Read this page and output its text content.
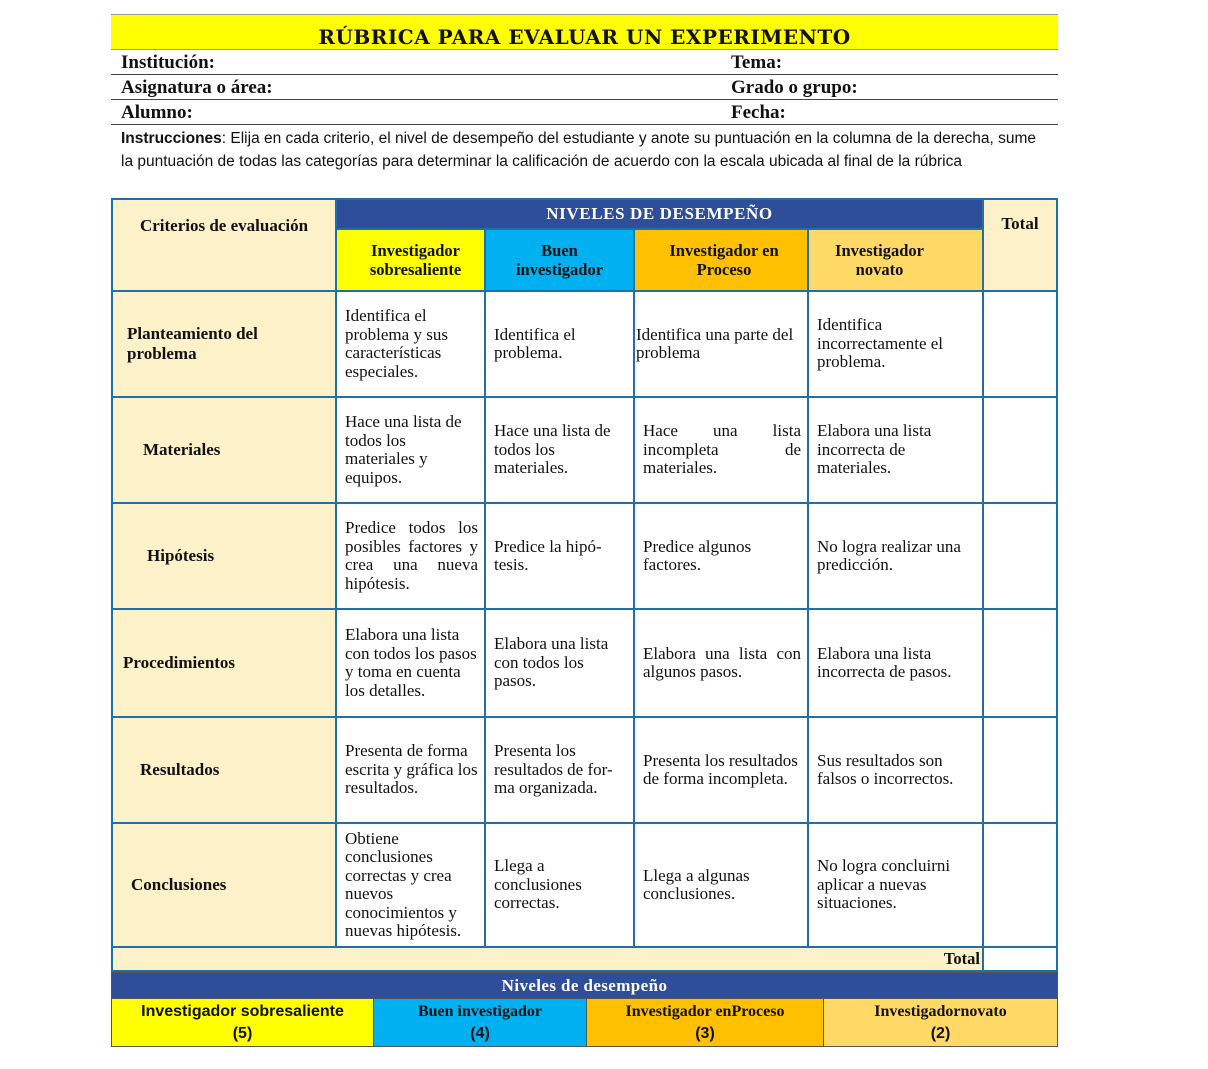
RÚBRICA PARA EVALUAR UN EXPERIMENTO
Institución:	Tema:
Asignatura o área:	Grado o grupo:
Alumno:	Fecha:
Instrucciones: Elija en cada criterio, el nivel de desempeño del estudiante y anote su puntuación en la columna de la derecha, sume la puntuación de todas las categorías para determinar la calificación de acuerdo con la escala ubicada al final de la rúbrica
Criterios de evaluación	NIVELES DE DESEMPEÑO				Total

	Investigador sobresaliente	Buen investigador	Investigador en Proceso	Investigador novato	

Planteamiento del problema	Identifica el problema y sus características especiales.	Identifica el problema.	Identifica una parte del problema	Identifica incorrectamente el problema.	
Materiales	Hace una lista de todos los materiales y equipos.	Hace una lista de todos los materiales.	Hace una lista incompleta de materiales.	Elabora una lista incorrecta de materiales.	
Hipótesis	Predice todos los posibles factores y crea una nueva hipótesis.	Predice la hipó-tesis.	Predice algunos factores.	No logra realizar una predicción.	
Procedimientos	Elabora una lista con todos los pasos y toma en cuenta los detalles.	Elabora una lista con todos los pasos.	Elabora una lista con algunos pasos.	Elabora una lista incorrecta de pasos.	
Resultados	Presenta de forma escrita y gráfica los resultados.	Presenta los resultados de for-ma organizada.	Presenta los resultados de forma incompleta.	Sus resultados son falsos o incorrectos.	
Conclusiones	Obtiene conclusiones correctas y crea nuevos conocimientos y nuevas hipótesis.	Llega a conclusiones correctas.	Llega a algunas conclusiones.	No logra concluirni aplicar a nuevas situaciones.	
Total					
Niveles de desempeño
Investigador sobresaliente
(5)
Buen investigador
(4)
Investigador enProceso
(3)
Investigadornovato
(2)
